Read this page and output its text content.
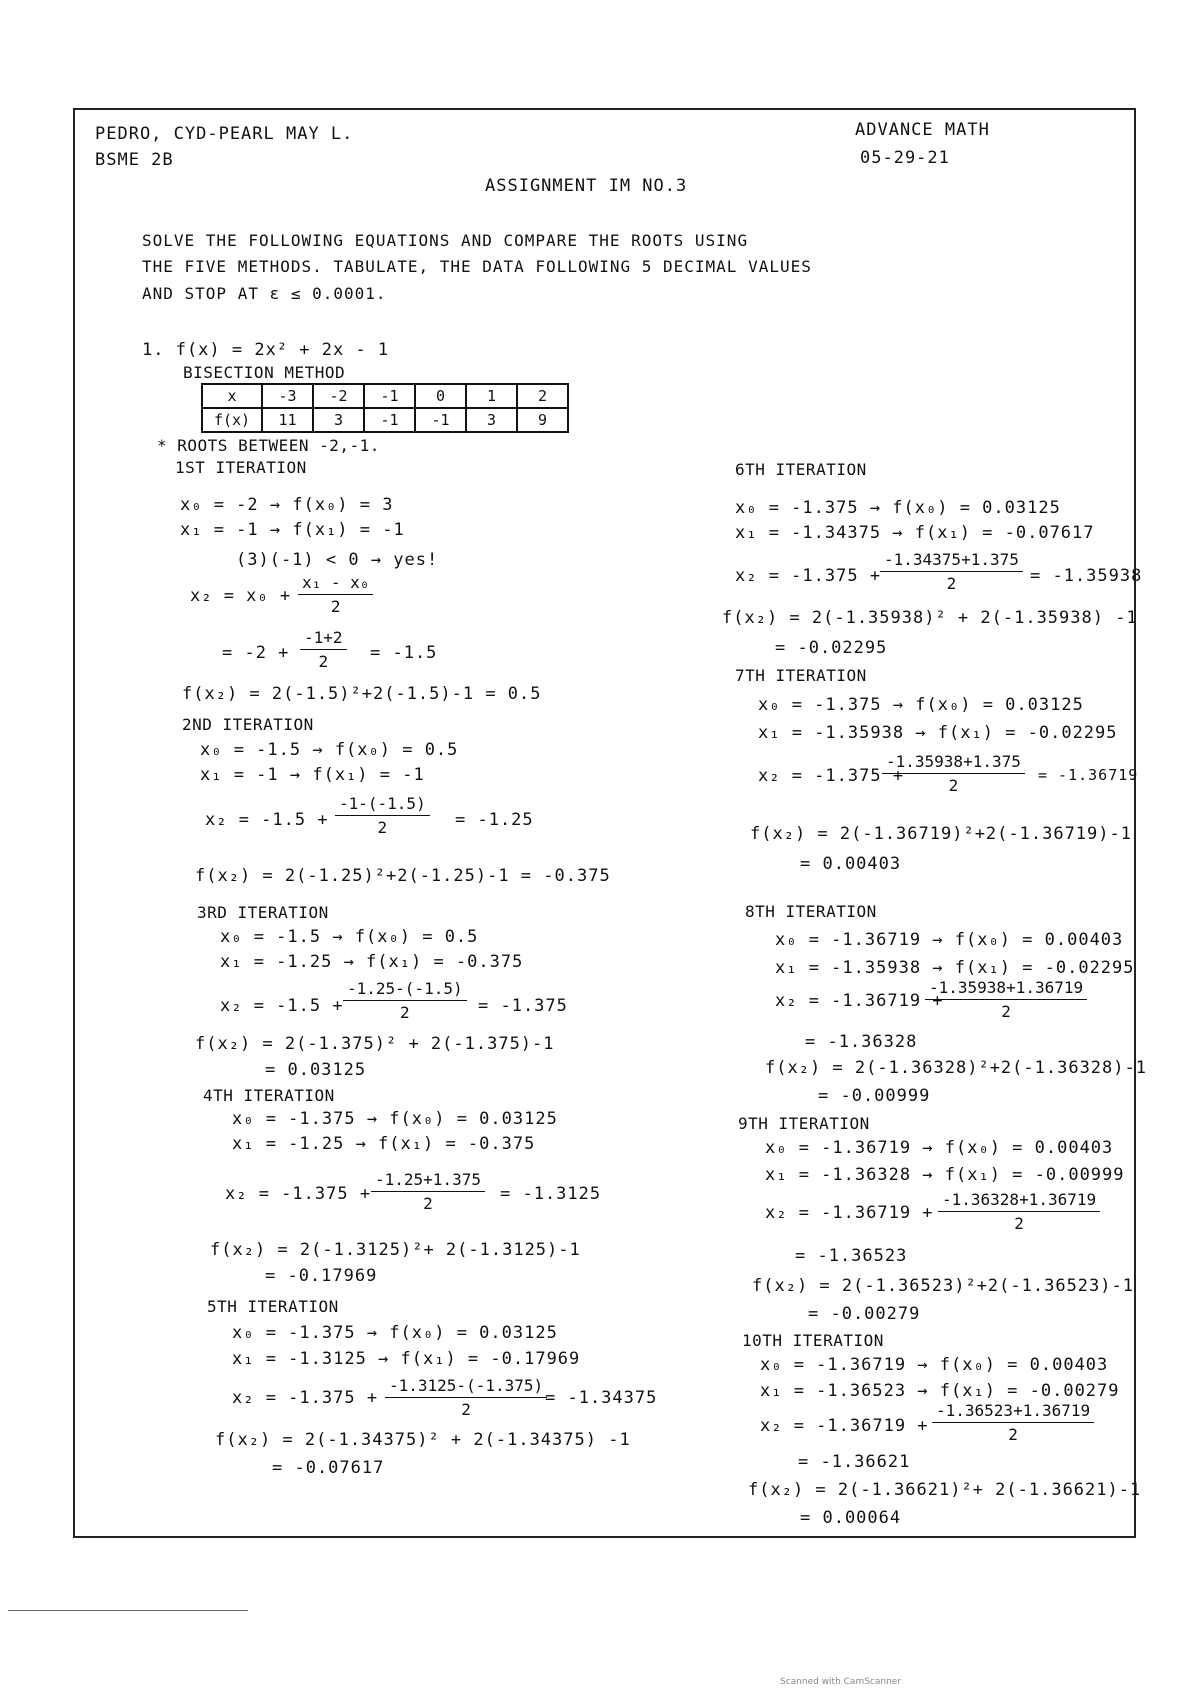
PEDRO, CYD-PEARL MAY L.
BSME 2B
ADVANCE MATH
05-29-21
ASSIGNMENT IM NO.3
SOLVE THE FOLLOWING EQUATIONS AND COMPARE THE ROOTS USING
THE FIVE METHODS. TABULATE, THE DATA FOLLOWING 5 DECIMAL VALUES
AND STOP AT ε ≤ 0.0001.
1. f(x) = 2x² + 2x - 1
BISECTION METHOD
x	-3	-2	-1	0	1	2
f(x)	11	3	-1	-1	3	9
* ROOTS BETWEEN -2,-1.
1ST ITERATION
x₀ = -2 → f(x₀) = 3
x₁ = -1 → f(x₁) = -1
(3)(-1) < 0 → yes!
$x_2 = x_0 + \frac{\text{x₁ - x₀}}{2}$
= $-2 + \frac{-1+2}{2} = -1.5$
f(x₂) = 2(-1.5)²+2(-1.5)-1 = 0.5
2ND ITERATION
x₀ = -1.5 → f(x₀) = 0.5
x₁ = -1 → f(x₁) = -1
$x_2 = -1.5 + \frac{-1-(-1.5)}{2} = -1.25$
f(x₂) = 2(-1.25)²+2(-1.25)-1 = -0.375
3RD ITERATION
x₀ = -1.5 → f(x₀) = 0.5
x₁ = -1.25 → f(x₁) = -0.375
$x_2 = -1.5 + \frac{-1.25-(-1.5)}{2} = -1.375$
f(x₂) = 2(-1.375)² + 2(-1.375)-1
= 0.03125
4TH ITERATION
x₀ = -1.375 → f(x₀) = 0.03125
x₁ = -1.25 → f(x₁) = -0.375
$x_2 = -1.375 + \frac{-1.25+1.375}{2} = -1.3125$
f(x₂) = 2(-1.3125)²+ 2(-1.3125)-1
= -0.17969
5TH ITERATION
x₀ = -1.375 → f(x₀) = 0.03125
x₁ = -1.3125 → f(x₁) = -0.17969
$x_2 = -1.375 + \frac{-1.3125-(-1.375)}{2}$
= -1.34375
f(x₂) = 2(-1.34375)² + 2(-1.34375) -1
= -0.07617
6TH ITERATION
x₀ = -1.375 → f(x₀) = 0.03125
x₁ = -1.34375 → f(x₁) = -0.07617
x₂ = -1.375 +
$\frac{-1.34375+1.375}{2} = -1.35938$
f(x₂) = 2(-1.35938)² + 2(-1.35938) -1
= -0.02295
7TH ITERATION
x₀ = -1.375 → f(x₀) = 0.03125
x₁ = -1.35938 → f(x₁) = -0.02295
x₂ = -1.375 +
$\frac{-1.35938+1.375}{2} = -1.36719$
f(x₂) = 2(-1.36719)²+2(-1.36719)-1
= 0.00403
8TH ITERATION
x₀ = -1.36719 → f(x₀) = 0.00403
x₁ = -1.35938 → f(x₁) = -0.02295
x₂ = -1.36719 +
$\frac{-1.35938+1.36719}{2}$
= -1.36328
f(x₂) = 2(-1.36328)²+2(-1.36328)-1
= -0.00999
9TH ITERATION
x₀ = -1.36719 → f(x₀) = 0.00403
x₁ = -1.36328 → f(x₁) = -0.00999
$x_2 = -1.36719 + \frac{-1.36328+1.36719}{2}$
= -1.36523
f(x₂) = 2(-1.36523)²+2(-1.36523)-1
= -0.00279
10TH ITERATION
x₀ = -1.36719 → f(x₀) = 0.00403
x₁ = -1.36523 → f(x₁) = -0.00279
$x_2 = -1.36719 + \frac{-1.36523+1.36719}{2}$
= -1.36621
f(x₂) = 2(-1.36621)²+ 2(-1.36621)-1
= 0.00064
Scanned with CamScanner
